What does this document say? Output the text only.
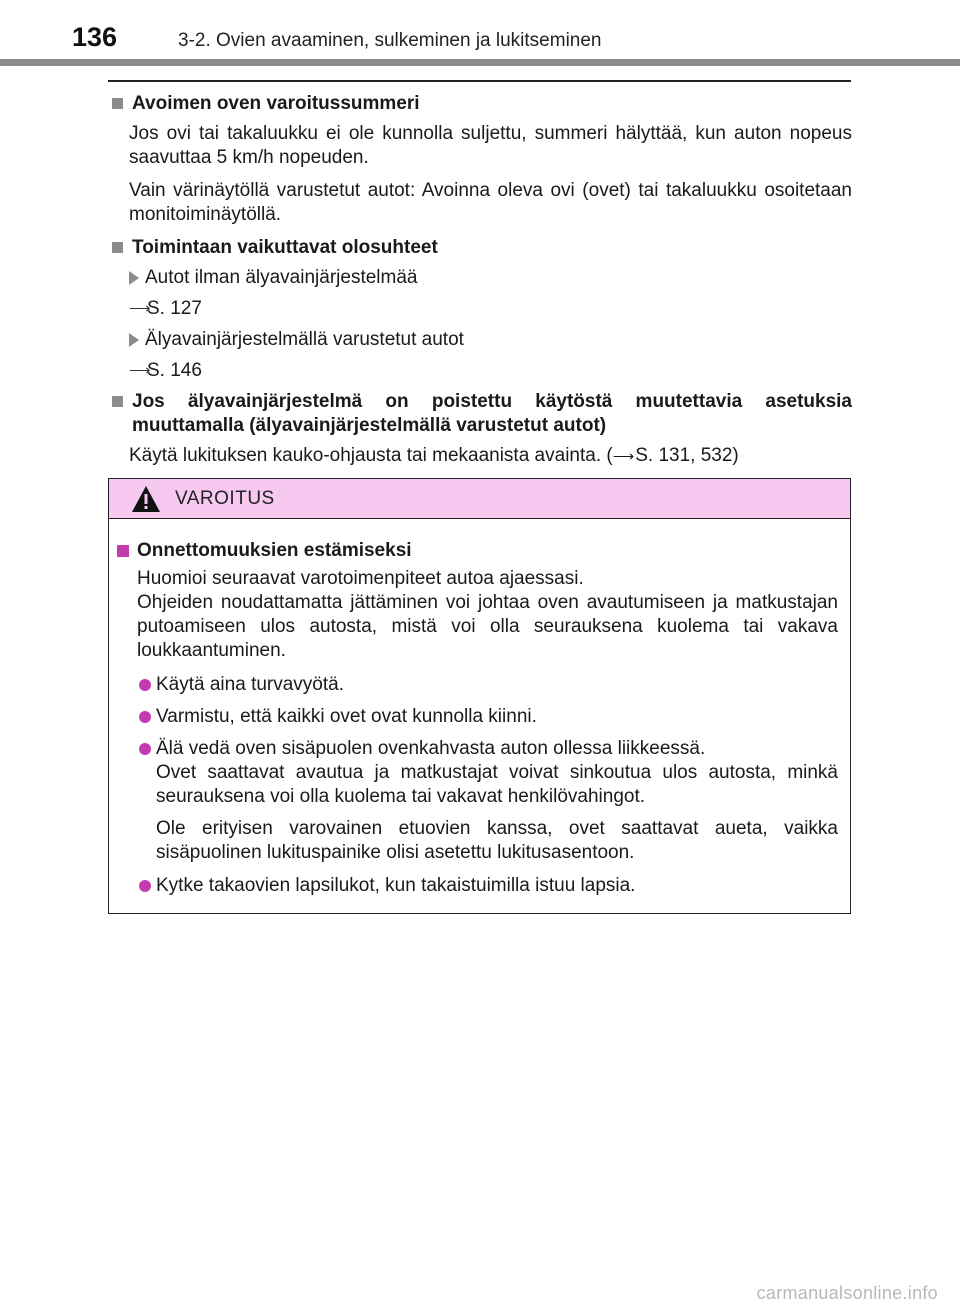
136	3-2. Ovien avaaminen, sulkeminen ja lukitseminen
Avoimen oven varoitussummeri
Jos ovi tai takaluukku ei ole kunnolla suljettu, summeri hälyttää, kun auton nopeus saavuttaa 5 km/h nopeuden.
Vain värinäytöllä varustetut autot: Avoinna oleva ovi (ovet) tai takaluukku osoitetaan monitoiminäytöllä.
Toimintaan vaikuttavat olosuhteet
Autot ilman älyavainjärjestelmää
⟶
S. 127
Älyavainjärjestelmällä varustetut autot
⟶
S. 146
Jos älyavainjärjestelmä on poistettu käytöstä muutettavia asetuksia muuttamalla (älyavainjärjestelmällä varustetut autot)
Käytä lukituksen kauko-ohjausta tai mekaanista avainta. (⟶S. 131, 532)
VAROITUS
Onnettomuuksien estämiseksi
Huomioi seuraavat varotoimenpiteet autoa ajaessasi.
Ohjeiden noudattamatta jättäminen voi johtaa oven avautumiseen ja matkustajan putoamiseen ulos autosta, mistä voi olla seurauksena kuolema tai vakava loukkaantuminen.
Käytä aina turvavyötä.
Varmistu, että kaikki ovet ovat kunnolla kiinni.
Älä vedä oven sisäpuolen ovenkahvasta auton ollessa liikkeessä.
Ovet saattavat avautua ja matkustajat voivat sinkoutua ulos autosta, minkä seurauksena voi olla kuolema tai vakavat henkilövahingot.
Ole erityisen varovainen etuovien kanssa, ovet saattavat aueta, vaikka sisäpuolinen lukituspainike olisi asetettu lukitusasentoon.
Kytke takaovien lapsilukot, kun takaistuimilla istuu lapsia.
carmanualsonline.info
